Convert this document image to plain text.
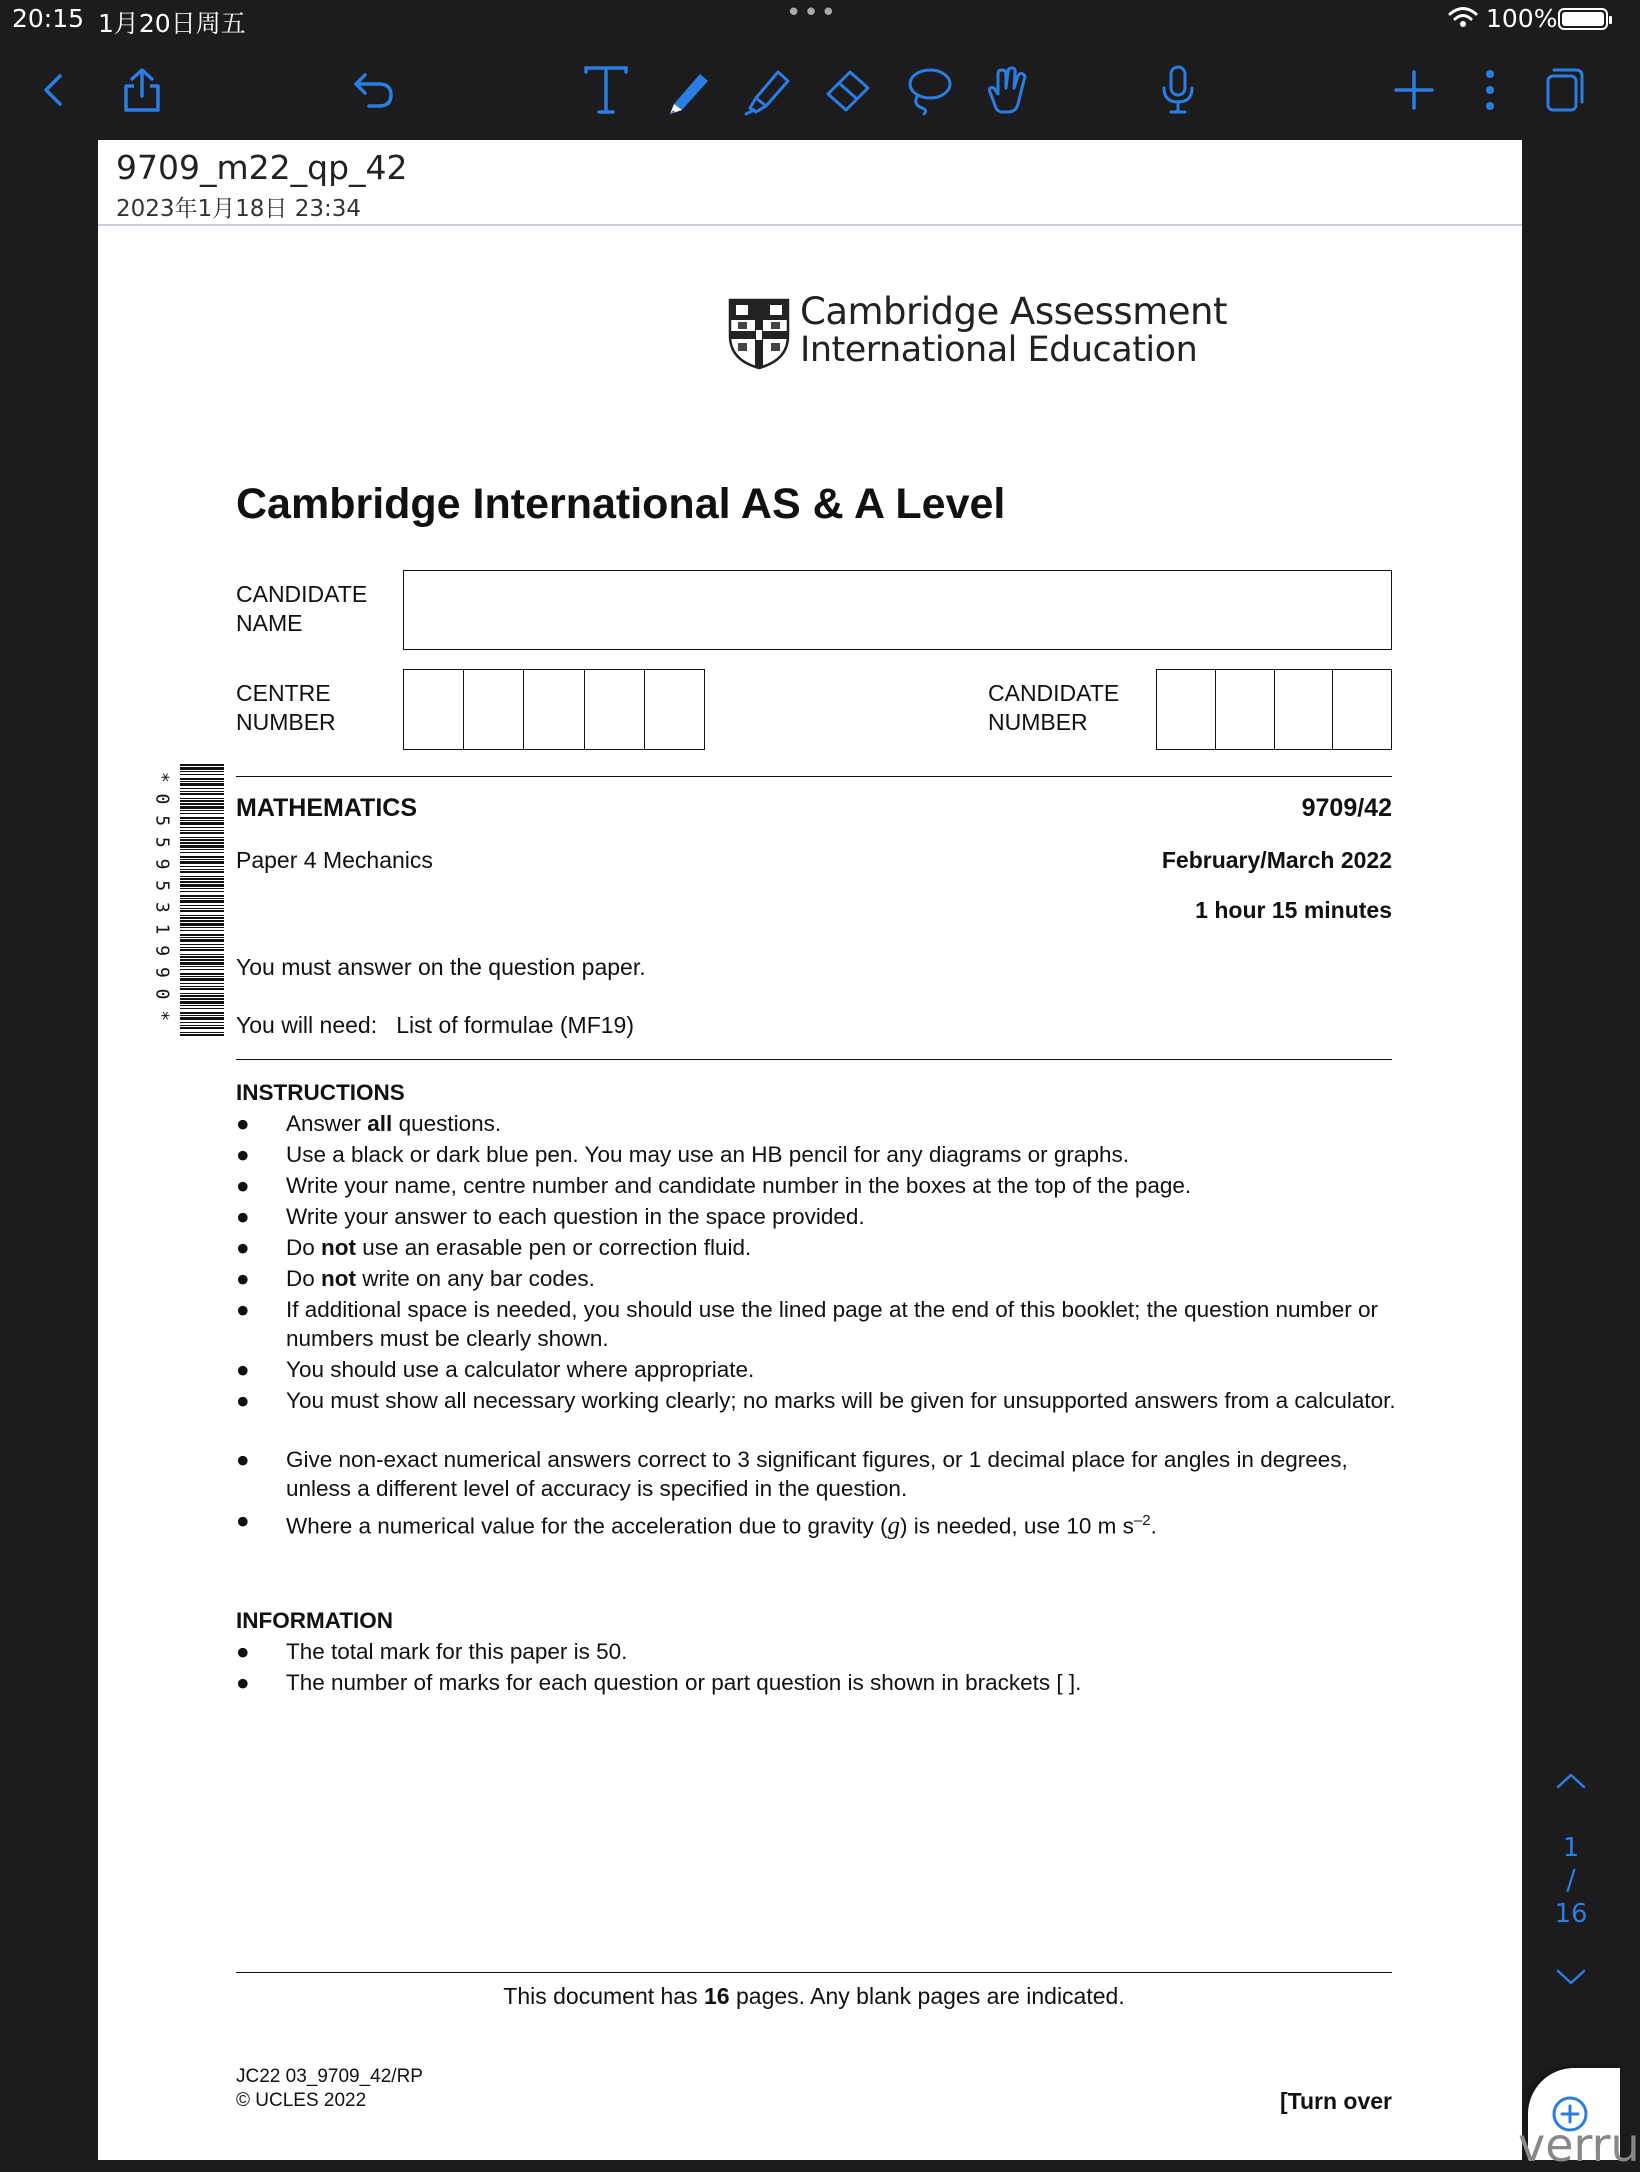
20:15 1月20日周五	•••	100%
9709_m22_qp_42
2023年1月18日 23:34
Cambridge Assessment
International Education
Cambridge International AS & A Level
CANDIDATE
NAME
CENTRE
NUMBER
CANDIDATE
NUMBER
* 0 5 5 9 5 3 1 9 9 0 *	MATHEMATICS	9709/42
Paper 4 Mechanics	February/March 2022
1 hour 15 minutes
You must answer on the question paper.
You will need: List of formulae (MF19)
INSTRUCTIONS
● Answer all questions.
● Use a black or dark blue pen. You may use an HB pencil for any diagrams or graphs.
● Write your name, centre number and candidate number in the boxes at the top of the page.
● Write your answer to each question in the space provided.
● Do not use an erasable pen or correction fluid.
● Do not write on any bar codes.
● If additional space is needed, you should use the lined page at the end of this booklet; the question number or numbers must be clearly shown.
● You should use a calculator where appropriate.
● You must show all necessary working clearly; no marks will be given for unsupported answers from a calculator.
● Give non-exact numerical answers correct to 3 significant figures, or 1 decimal place for angles in degrees, unless a different level of accuracy is specified in the question.
● Where a numerical value for the acceleration due to gravity (g) is needed, use 10 m $s^{-2}$.
INFORMATION
● The total mark for this paper is 50.
● The number of marks for each question or part question is shown in brackets [ ].
This document has 16 pages. Any blank pages are indicated.
JC22 03_9709_42/RP
© UCLES 2022	[Turn over
1
/
16
verru
